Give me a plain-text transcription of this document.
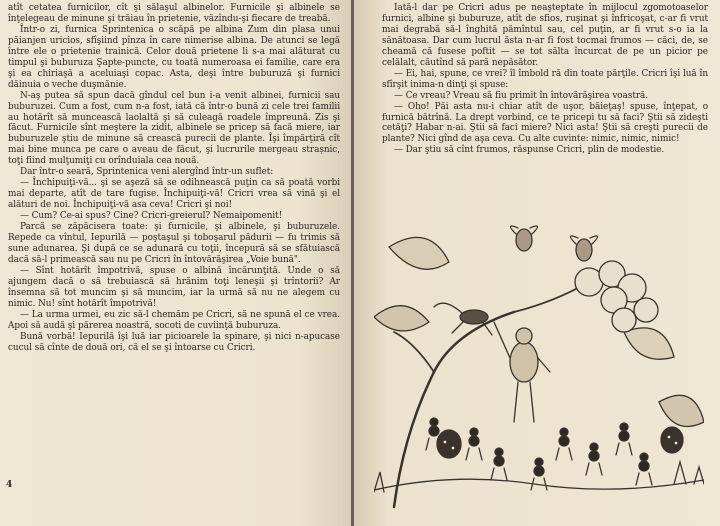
atît cetatea furnicilor, cît şi sălaşul albinelor. Furnicile şi albinele se înţelegeau de minune şi trăiau în prietenie, văzîndu-şi fiecare de treabă.

Într-o zi, furnica Sprintenica o scăpă pe albina Zum din plasa unui păianjen uricios, sfîşiind pînza în care nimerise albina. De atunci se legă între ele o prietenie trainică. Celor două prietene li s-a mai alăturat cu timpul şi buburuza Şapte-puncte, cu toată numeroasa ei familie, care era şi ea chiriaşă a aceluiaşi copac. Asta, deşi între buburuză şi furnici dăinuia o veche duşmănie.

N-aş putea să spun dacă gîndul cel bun i-a venit albinei, furnicii sau buburuzei. Cum a fost, cum n-a fost, iată că într-o bună zi cele trei familii au hotărît să muncească laolaltă şi să culeagă roadele împreună. Zis şi făcut. Furnicile sînt meştere la zidit, albinele se pricep să facă miere, iar buburuzele ştiu de minune să crească purecii de plante. Îşi împărţiră cît mai bine munca pe care o aveau de făcut, şi lucrurile mergeau strașnic, toţi fiind mulţumiţi cu orînduiala cea nouă.

Dar într-o seară, Sprintenica veni alergînd într-un suflet:

— Închipuiţi-vă... şi se aşeză să se odihnească puţin ca să poată vorbi mai departe, atît de tare fugise. Închipuiţi-vă! Cricri vrea să vină şi el alături de noi. Închipuiţi-vă asa ceva! Cricri şi noi!

— Cum? Ce-ai spus? Cine? Cricri-greierul? Nemaipomenit!

Parcă se zăpăcisera toate: şi furnicile, şi albinele, şi buburuzele. Repede ca vîntul, Iepurilă — poştaşul şi toboşarul pădurii — fu trimis să sune adunarea. Şi după ce se adunară cu toţii, începură să se sfătuiască dacă să-l primească sau nu pe Cricri în întovărăşirea „Voie bună".

— Sînt hotărît împotrivă, spuse o albină încărunţită. Unde o să ajungem dacă o să trebuiască să hrănim toţi leneşii şi trîntorii? Ar însemna să tot muncim şi să muncim, iar la urmă să nu ne alegem cu nimic. Nu! sînt hotărît împotrivă!

— La urma urmei, eu zic să-l chemăm pe Cricri, să ne spună el ce vrea. Apoi să audă şi părerea noastră, socoti de cuviinţă buburuza.

Bună vorbă! Iepurilă îşi luă iar picioarele la spinare, şi nici n-apucase cucul să cînte de două ori, că el se şi întoarse cu Cricri.

4

Iată-l dar pe Cricri adus pe neaşteptate în mijlocul zgomotoaselor furnici, albine şi buburuze, atît de sfios, ruşinat şi înfricoşat, c-ar fi vrut mai degrabă să-l înghită pămîntul sau, cel puţin, ar fi vrut s-o ia la sănătoasa. Dar cum lucrul ăsta n-ar fi fost tocmai frumos — căci, de, se cheamă că fusese poftit — se tot sălta încurcat de pe un picior pe celălalt, căutînd să pară nepăsător.

— Ei, hai, spune, ce vrei? îl îmbold ră din toate părţile. Cricri îşi luă în sfîrşit inima-n dinţi şi spuse:

— Ce vreau? Vreau să fiu primit în întovărăşirea voastră.

— Oho! Păi asta nu-i chiar atît de uşor, băieţaş! spuse, înţepat, o furnică bătrînă. La drept vorbind, ce te pricepi tu să faci? Ştii să zideşti cetăţi? Habar n-ai. Ştii să faci miere? Nici asta! Ştii să creşti purecii de plante? Nici gînd de aşa ceva. Cu alte cuvinte: nimic, nimic, nimic!

— Dar ştiu să cînt frumos, răspunse Cricri, plin de modestie.
